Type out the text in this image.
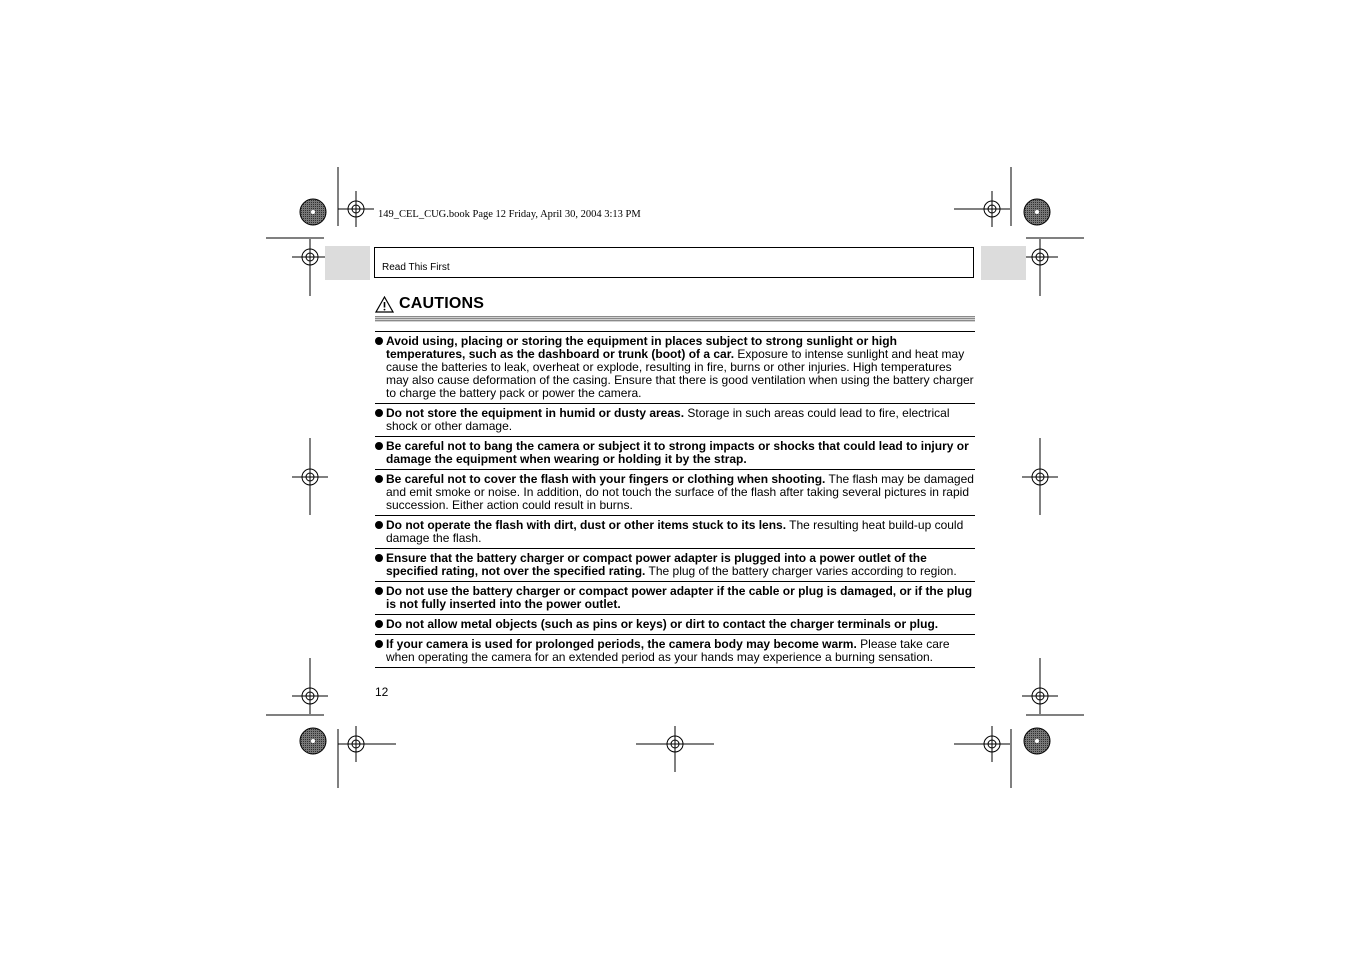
149_CEL_CUG.book Page 12 Friday, April 30, 2004 3:13 PM
Read This First
CAUTIONS
Avoid using, placing or storing the equipment in places subject to strong sunlight or high temperatures, such as the dashboard or trunk (boot) of a car. Exposure to intense sunlight and heat may cause the batteries to leak, overheat or explode, resulting in fire, burns or other injuries. High temperatures may also cause deformation of the casing. Ensure that there is good ventilation when using the battery charger to charge the battery pack or power the camera.
Do not store the equipment in humid or dusty areas. Storage in such areas could lead to fire, electrical shock or other damage.
Be careful not to bang the camera or subject it to strong impacts or shocks that could lead to injury or damage the equipment when wearing or holding it by the strap.
Be careful not to cover the flash with your fingers or clothing when shooting. The flash may be damaged and emit smoke or noise. In addition, do not touch the surface of the flash after taking several pictures in rapid succession. Either action could result in burns.
Do not operate the flash with dirt, dust or other items stuck to its lens. The resulting heat build-up could damage the flash.
Ensure that the battery charger or compact power adapter is plugged into a power outlet of the specified rating, not over the specified rating. The plug of the battery charger varies according to region.
Do not use the battery charger or compact power adapter if the cable or plug is damaged, or if the plug is not fully inserted into the power outlet.
Do not allow metal objects (such as pins or keys) or dirt to contact the charger terminals or plug.
If your camera is used for prolonged periods, the camera body may become warm. Please take care when operating the camera for an extended period as your hands may experience a burning sensation.
12
